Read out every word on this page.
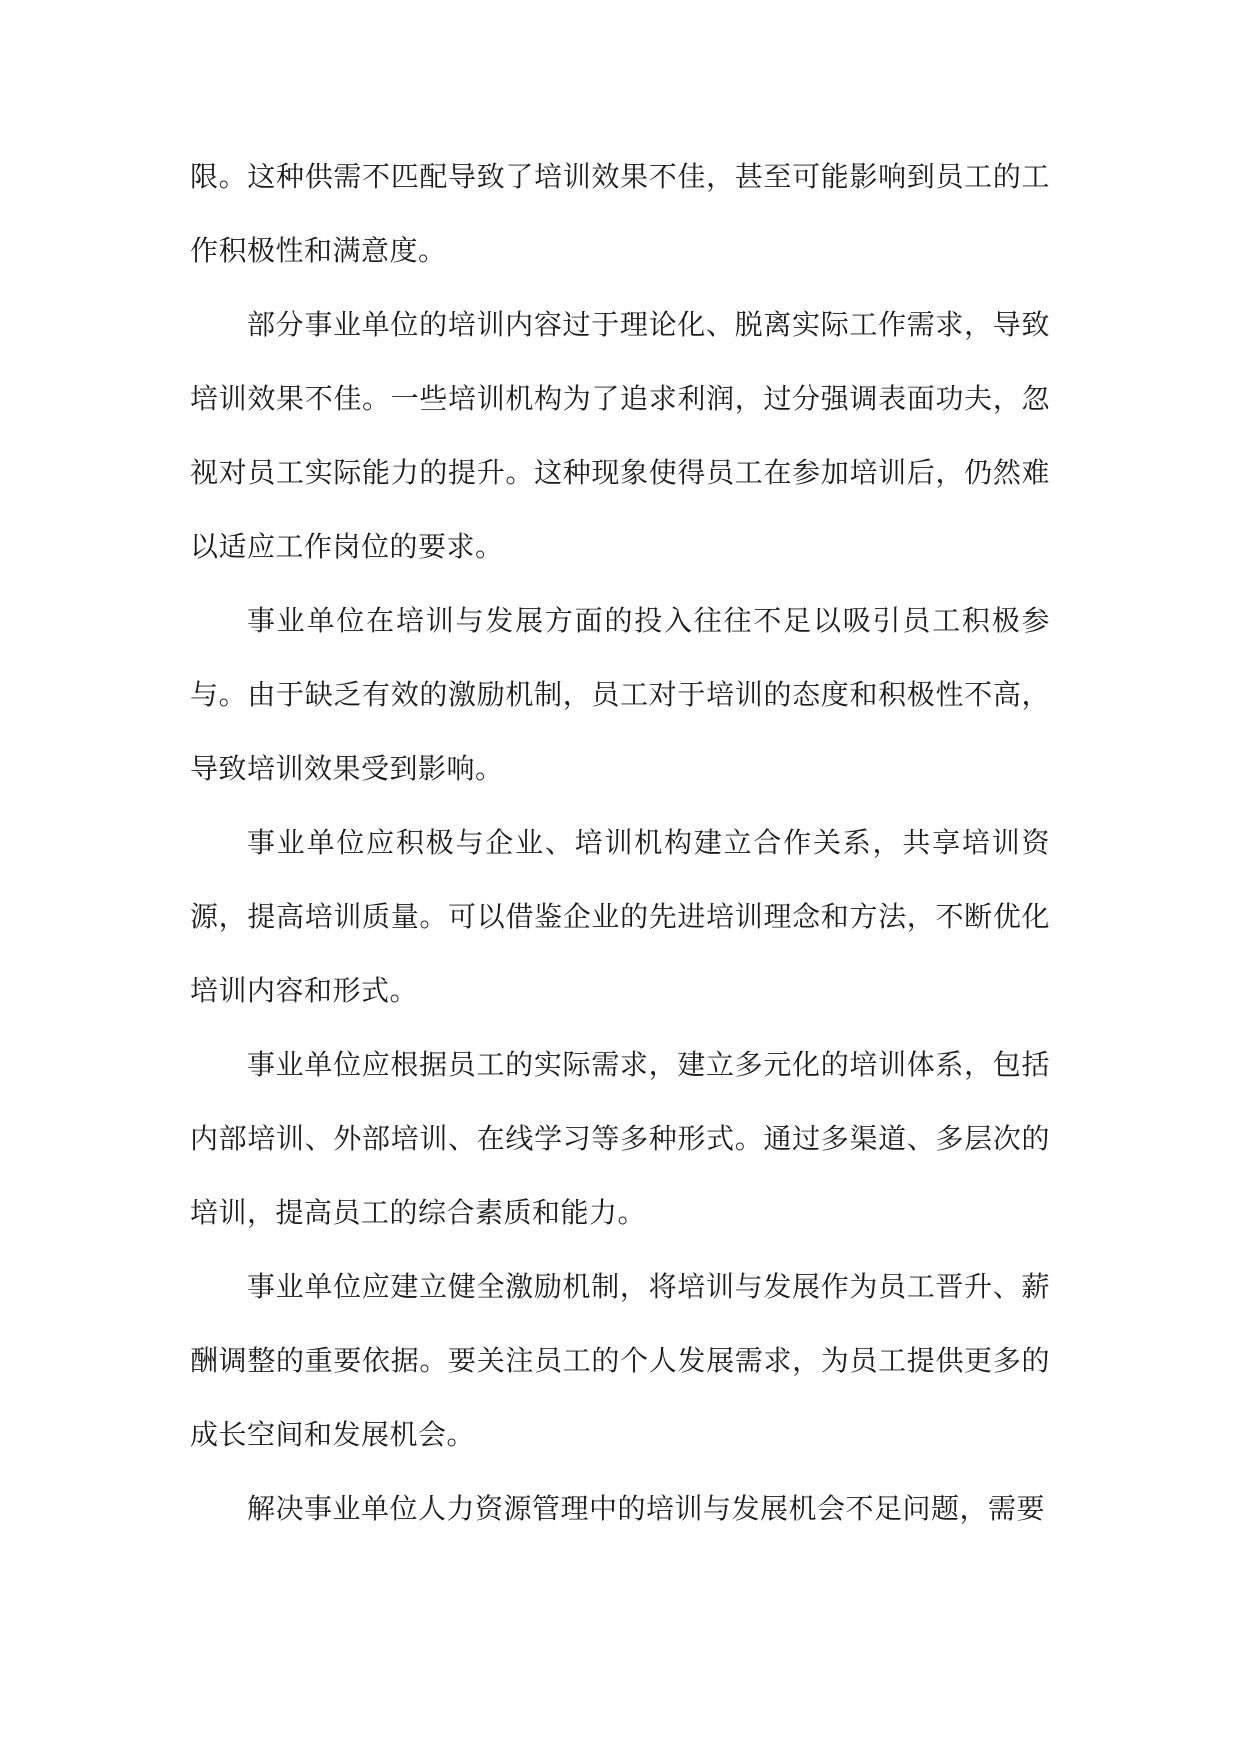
限。这种供需不匹配导致了培训效果不佳，甚至可能影响到员工的工作积极性和满意度。

部分事业单位的培训内容过于理论化、脱离实际工作需求，导致培训效果不佳。一些培训机构为了追求利润，过分强调表面功夫，忽视对员工实际能力的提升。这种现象使得员工在参加培训后，仍然难以适应工作岗位的要求。

事业单位在培训与发展方面的投入往往不足以吸引员工积极参与。由于缺乏有效的激励机制，员工对于培训的态度和积极性不高，导致培训效果受到影响。

事业单位应积极与企业、培训机构建立合作关系，共享培训资源，提高培训质量。可以借鉴企业的先进培训理念和方法，不断优化培训内容和形式。

事业单位应根据员工的实际需求，建立多元化的培训体系，包括内部培训、外部培训、在线学习等多种形式。通过多渠道、多层次的培训，提高员工的综合素质和能力。

事业单位应建立健全激励机制，将培训与发展作为员工晋升、薪酬调整的重要依据。要关注员工的个人发展需求，为员工提供更多的成长空间和发展机会。

解决事业单位人力资源管理中的培训与发展机会不足问题，需要
